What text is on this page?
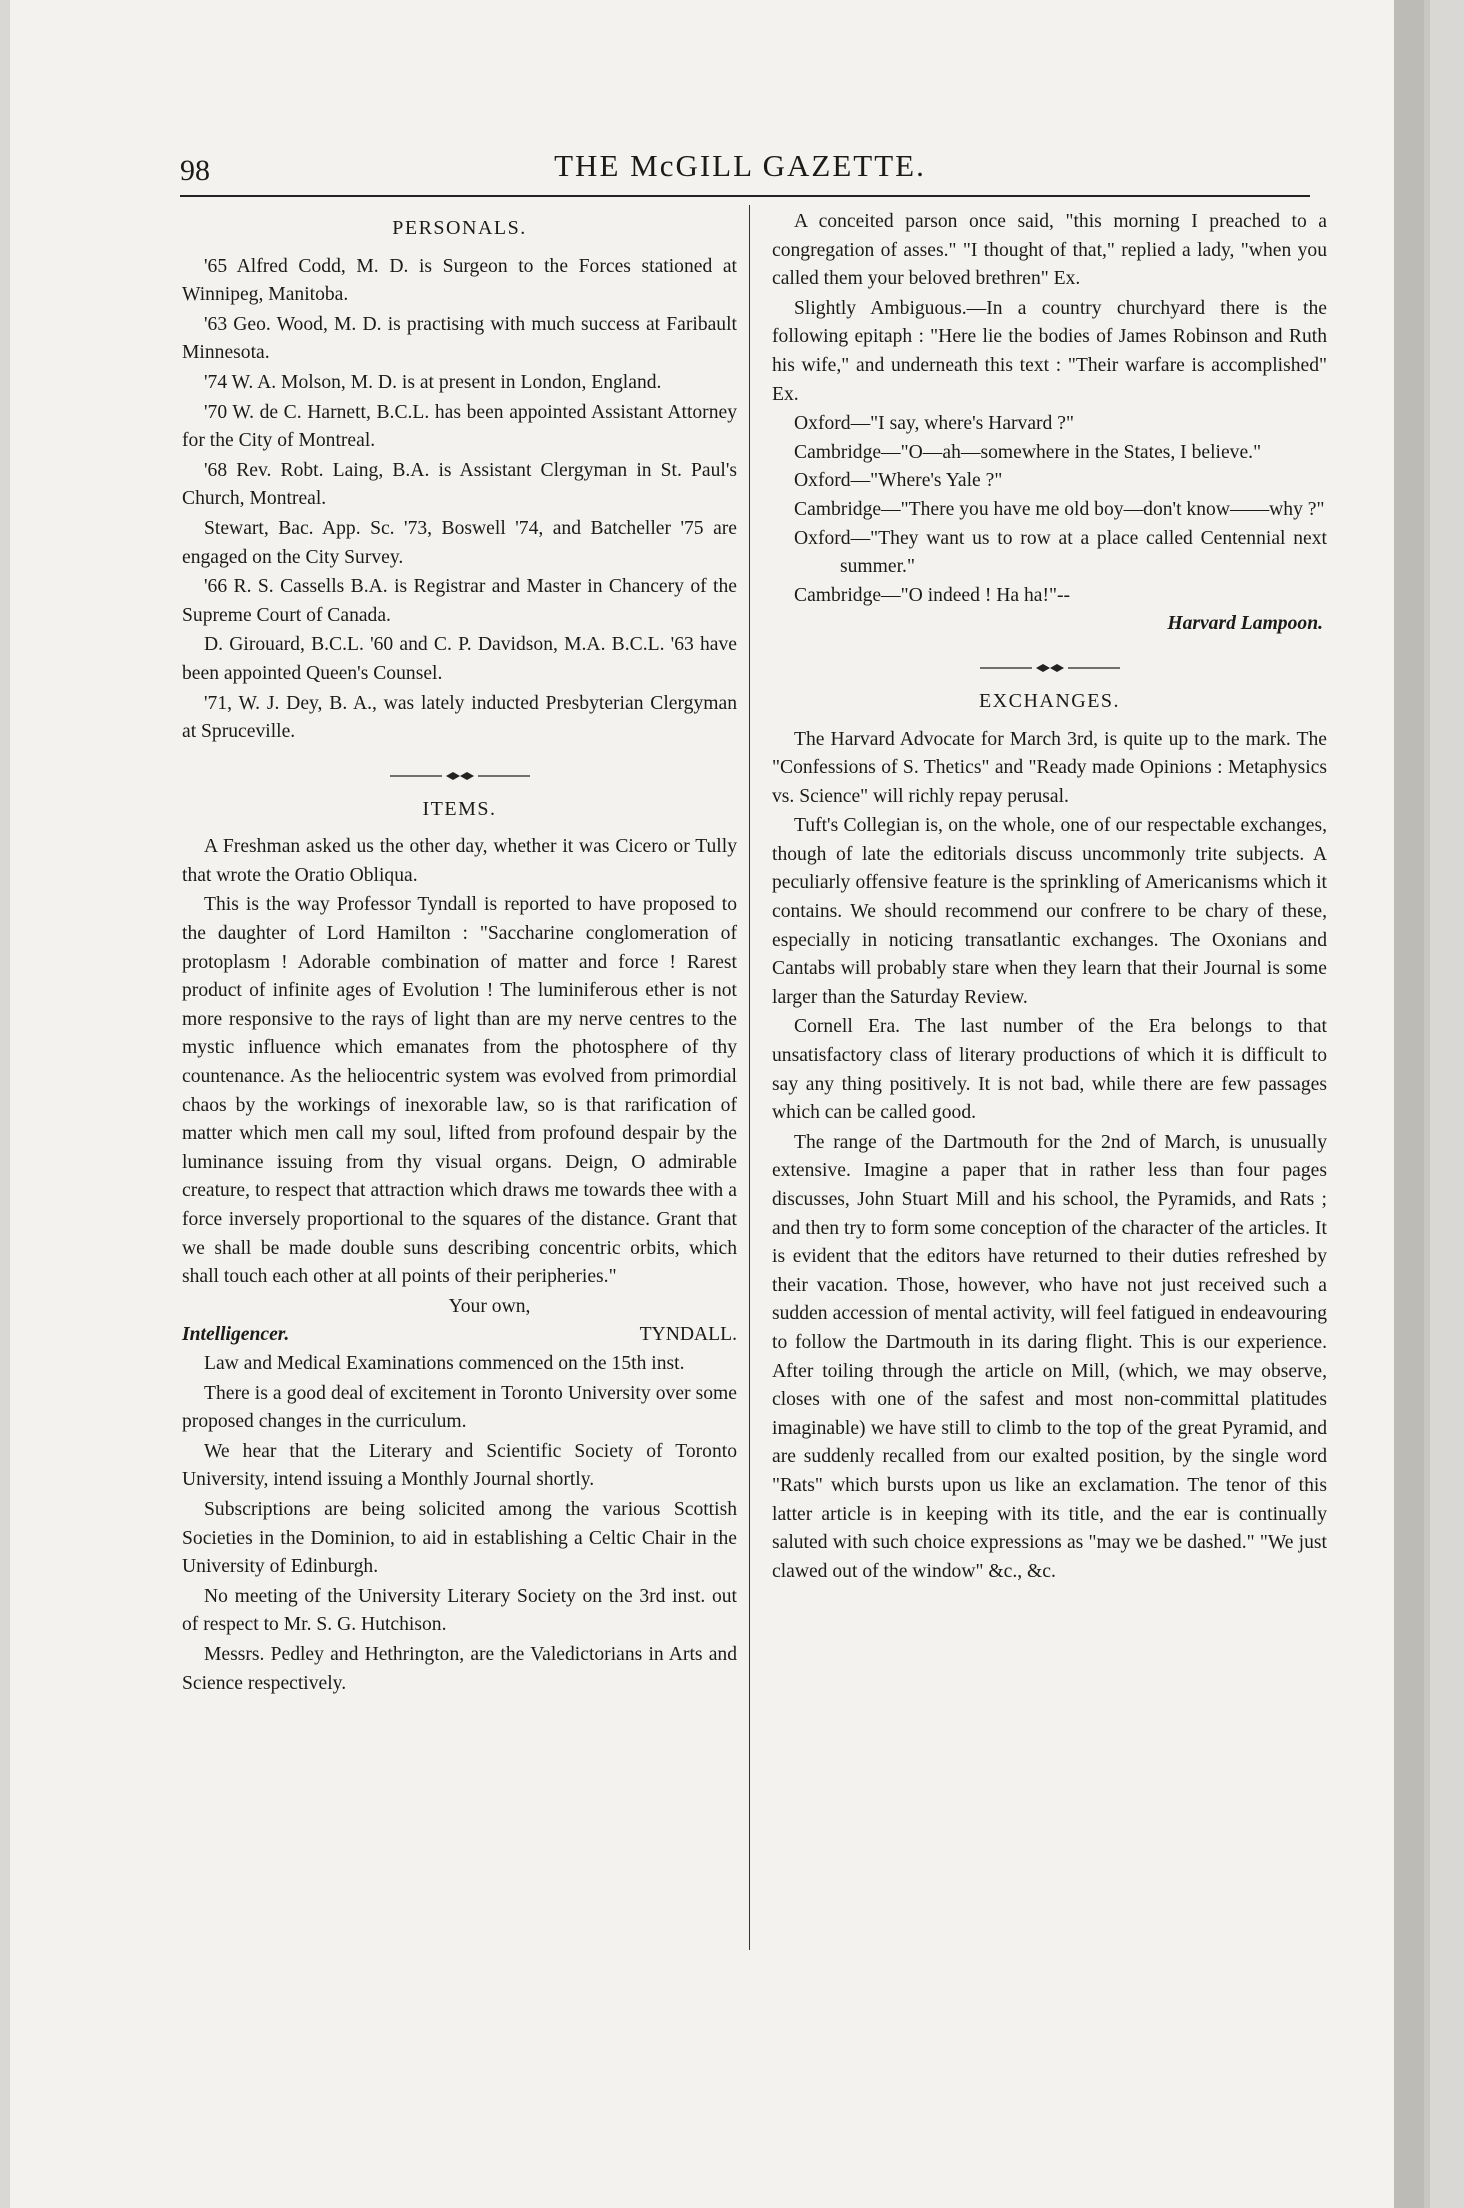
98	THE McGILL GAZETTE.
PERSONALS.

'65 Alfred Codd, M. D. is Surgeon to the Forces stationed at Winnipeg, Manitoba.

'63 Geo. Wood, M. D. is practising with much success at Faribault Minnesota.

'74 W. A. Molson, M. D. is at present in London, England.

'70 W. de C. Harnett, B.C.L. has been appointed Assistant Attorney for the City of Montreal.

'68 Rev. Robt. Laing, B.A. is Assistant Clergyman in St. Paul's Church, Montreal.

Stewart, Bac. App. Sc. '73, Boswell '74, and Batcheller '75 are engaged on the City Survey.

'66 R. S. Cassells B.A. is Registrar and Master in Chancery of the Supreme Court of Canada.

D. Girouard, B.C.L. '60 and C. P. Davidson, M.A. B.C.L. '63 have been appointed Queen's Counsel.

'71, W. J. Dey, B. A., was lately inducted Presbyterian Clergyman at Spruceville.

ITEMS.

A Freshman asked us the other day, whether it was Cicero or Tully that wrote the Oratio Obliqua.

This is the way Professor Tyndall is reported to have proposed to the daughter of Lord Hamilton : "Saccharine conglomeration of protoplasm ! Adorable combination of matter and force ! Rarest product of infinite ages of Evolution ! The luminiferous ether is not more responsive to the rays of light than are my nerve centres to the mystic influence which emanates from the photosphere of thy countenance. As the heliocentric system was evolved from primordial chaos by the workings of inexorable law, so is that rarification of matter which men call my soul, lifted from profound despair by the luminance issuing from thy visual organs. Deign, O admirable creature, to respect that attraction which draws me towards thee with a force inversely proportional to the squares of the distance. Grant that we shall be made double suns describing concentric orbits, which shall touch each other at all points of their peripheries."

Your own,
Intelligencer.	TYNDALL.

Law and Medical Examinations commenced on the 15th inst.

There is a good deal of excitement in Toronto University over some proposed changes in the curriculum.

We hear that the Literary and Scientific Society of Toronto University, intend issuing a Monthly Journal shortly.

Subscriptions are being solicited among the various Scottish Societies in the Dominion, to aid in establishing a Celtic Chair in the University of Edinburgh.

No meeting of the University Literary Society on the 3rd inst. out of respect to Mr. S. G. Hutchison.

Messrs. Pedley and Hethrington, are the Valedictorians in Arts and Science respectively.

A conceited parson once said, "this morning I preached to a congregation of asses." "I thought of that," replied a lady, "when you called them your beloved brethren" Ex.

Slightly Ambiguous.—In a country churchyard there is the following epitaph : "Here lie the bodies of James Robinson and Ruth his wife," and underneath this text : "Their warfare is accomplished" Ex.

Oxford—"I say, where's Harvard ?"
Cambridge—"O—ah—somewhere in the States, I believe."
Oxford—"Where's Yale ?"
Cambridge—"There you have me old boy—don't know——why ?"
Oxford—"They want us to row at a place called Centennial next summer."
Cambridge—"O indeed ! Ha ha!"--
Harvard Lampoon.
EXCHANGES.

The Harvard Advocate for March 3rd, is quite up to the mark. The "Confessions of S. Thetics" and "Ready made Opinions : Metaphysics vs. Science" will richly repay perusal.

Tuft's Collegian is, on the whole, one of our respectable exchanges, though of late the editorials discuss uncommonly trite subjects. A peculiarly offensive feature is the sprinkling of Americanisms which it contains. We should recommend our confrere to be chary of these, especially in noticing transatlantic exchanges. The Oxonians and Cantabs will probably stare when they learn that their Journal is some larger than the Saturday Review.

Cornell Era. The last number of the Era belongs to that unsatisfactory class of literary productions of which it is difficult to say any thing positively. It is not bad, while there are few passages which can be called good.

The range of the Dartmouth for the 2nd of March, is unusually extensive. Imagine a paper that in rather less than four pages discusses, John Stuart Mill and his school, the Pyramids, and Rats ; and then try to form some conception of the character of the articles. It is evident that the editors have returned to their duties refreshed by their vacation. Those, however, who have not just received such a sudden accession of mental activity, will feel fatigued in endeavouring to follow the Dartmouth in its daring flight. This is our experience. After toiling through the article on Mill, (which, we may observe, closes with one of the safest and most non-committal platitudes imaginable) we have still to climb to the top of the great Pyramid, and are suddenly recalled from our exalted position, by the single word "Rats" which bursts upon us like an exclamation. The tenor of this latter article is in keeping with its title, and the ear is continually saluted with such choice expressions as "may we be dashed." "We just clawed out of the window" &c., &c.
